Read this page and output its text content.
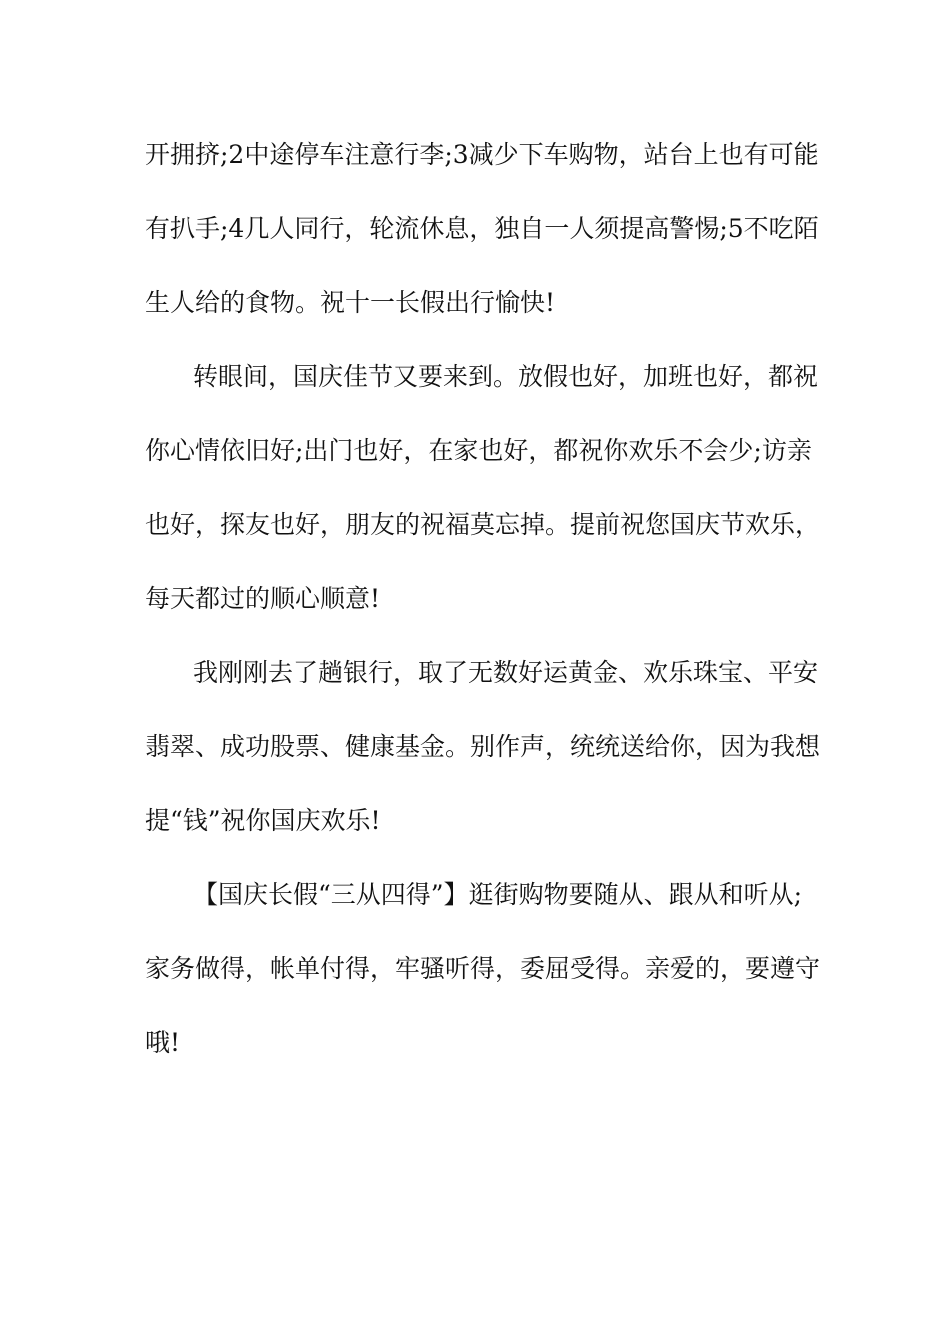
开拥挤;2中途停车注意行李;3减少下车购物，站台上也有可能
有扒手;4几人同行，轮流休息，独自一人须提高警惕;5不吃陌
生人给的食物。祝十一长假出行愉快!
转眼间，国庆佳节又要来到。放假也好，加班也好，都祝
你心情依旧好;出门也好，在家也好，都祝你欢乐不会少;访亲
也好，探友也好，朋友的祝福莫忘掉。提前祝您国庆节欢乐，
每天都过的顺心顺意!
我刚刚去了趟银行，取了无数好运黄金、欢乐珠宝、平安
翡翠、成功股票、健康基金。别作声，统统送给你，因为我想
提“钱”祝你国庆欢乐!
【国庆长假“三从四得”】逛街购物要随从、跟从和听从;
家务做得，帐单付得，牢骚听得，委屈受得。亲爱的，要遵守
哦!
